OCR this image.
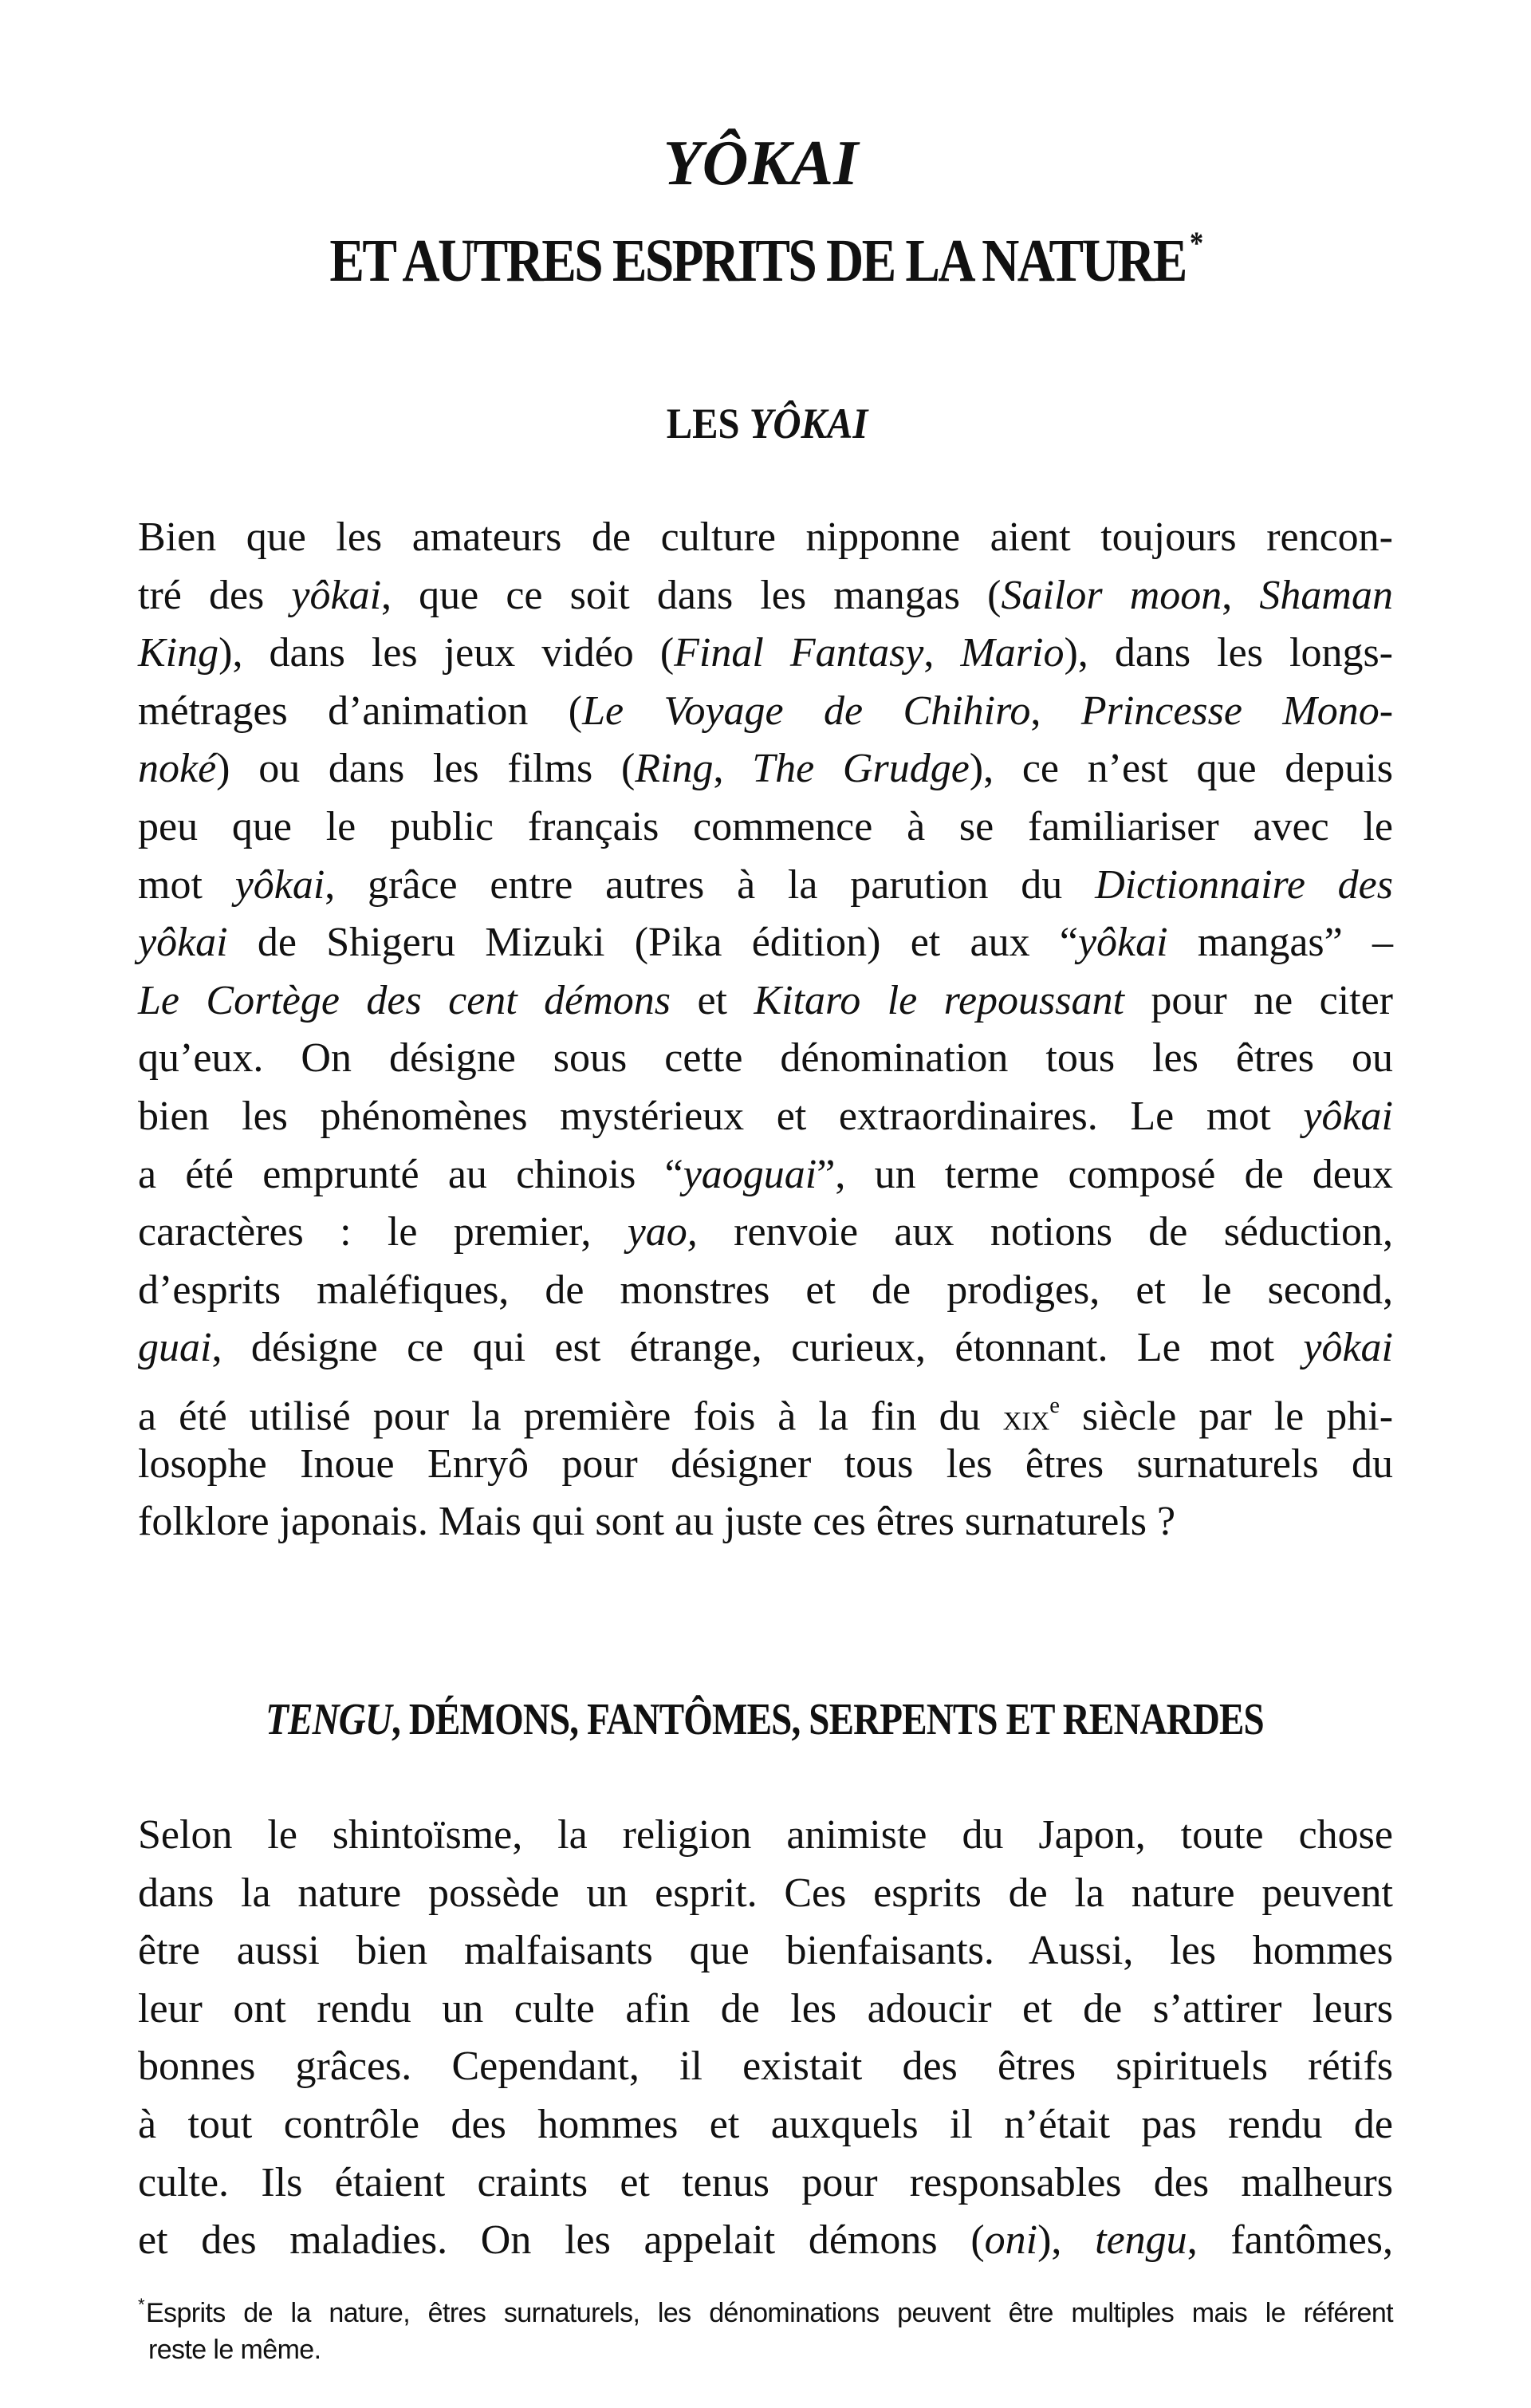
YÔKAI
ET AUTRES ESPRITS DE LA NATURE *
LES YÔKAI
Bien que les amateurs de culture nipponne aient toujours rencon-
tré des yôkai, que ce soit dans les mangas (Sailor moon, Shaman
King), dans les jeux vidéo (Final Fantasy, Mario), dans les longs-
métrages d’animation (Le Voyage de Chihiro, Princesse Mono-
noké) ou dans les films (Ring, The Grudge), ce n’est que depuis
peu que le public français commence à se familiariser avec le
mot yôkai, grâce entre autres à la parution du Dictionnaire des
yôkai de Shigeru Mizuki (Pika édition) et aux “yôkai mangas” –
Le Cortège des cent démons et Kitaro le repoussant pour ne citer
qu’eux. On désigne sous cette dénomination tous les êtres ou
bien les phénomènes mystérieux et extraordinaires. Le mot yôkai
a été emprunté au chinois “yaoguai”, un terme composé de deux
caractères : le premier, yao, renvoie aux notions de séduction,
d’esprits maléfiques, de monstres et de prodiges, et le second,
guai, désigne ce qui est étrange, curieux, étonnant. Le mot yôkai
a été utilisé pour la première fois à la fin du xix$^e$ siècle par le phi-
losophe Inoue Enryô pour désigner tous les êtres surnaturels du
folklore japonais. Mais qui sont au juste ces êtres surnaturels ?
TENGU, DÉMONS, FANTÔMES, SERPENTS ET RENARDES
Selon le shintoïsme, la religion animiste du Japon, toute chose
dans la nature possède un esprit. Ces esprits de la nature peuvent
être aussi bien malfaisants que bienfaisants. Aussi, les hommes
leur ont rendu un culte afin de les adoucir et de s’attirer leurs
bonnes grâces. Cependant, il existait des êtres spirituels rétifs
à tout contrôle des hommes et auxquels il n’était pas rendu de
culte. Ils étaient craints et tenus pour responsables des malheurs
et des maladies. On les appelait démons (oni), tengu, fantômes,
*Esprits de la nature, êtres surnaturels, les dénominations peuvent être multiples mais le référent
reste le même.
